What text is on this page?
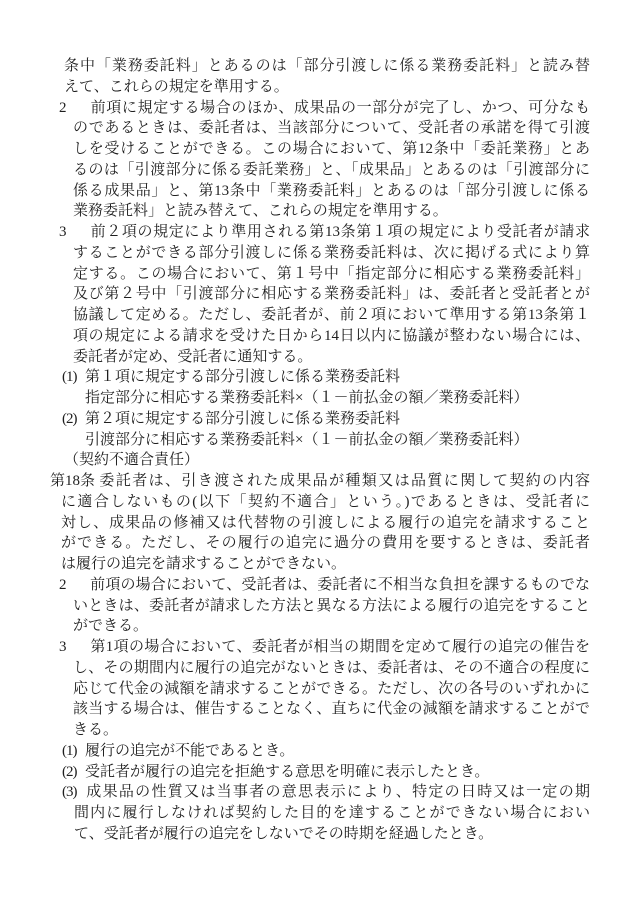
条中「業務委託料」とあるのは「部分引渡しに係る業務委託料」と読み替
えて、これらの規定を準用する。
2 前項に規定する場合のほか、成果品の一部分が完了し、かつ、可分なも
のであるときは、委託者は、当該部分について、受託者の承諾を得て引渡
しを受けることができる。この場合において、第12条中「委託業務」とあ
るのは「引渡部分に係る委託業務」と、「成果品」とあるのは「引渡部分に
係る成果品」と、第13条中「業務委託料」とあるのは「部分引渡しに係る
業務委託料」と読み替えて、これらの規定を準用する。
3 前２項の規定により準用される第13条第１項の規定により受託者が請求
することができる部分引渡しに係る業務委託料は、次に掲げる式により算
定する。この場合において、第１号中「指定部分に相応する業務委託料」
及び第２号中「引渡部分に相応する業務委託料」は、委託者と受託者とが
協議して定める。ただし、委託者が、前２項において準用する第13条第１
項の規定による請求を受けた日から14日以内に協議が整わない場合には、
委託者が定め、受託者に通知する。
(1) 第１項に規定する部分引渡しに係る業務委託料
指定部分に相応する業務委託料×（１－前払金の額／業務委託料）
(2) 第２項に規定する部分引渡しに係る業務委託料
引渡部分に相応する業務委託料×（１－前払金の額／業務委託料）
（契約不適合責任）
第18条 委託者は、引き渡された成果品が種類又は品質に関して契約の内容
に適合しないもの(以下「契約不適合」という。)であるときは、受託者に
対し、成果品の修補又は代替物の引渡しによる履行の追完を請求すること
ができる。ただし、その履行の追完に過分の費用を要するときは、委託者
は履行の追完を請求することができない。
2 前項の場合において、受託者は、委託者に不相当な負担を課するものでな
いときは、委託者が請求した方法と異なる方法による履行の追完をすること
ができる。
3 第1項の場合において、委託者が相当の期間を定めて履行の追完の催告を
し、その期間内に履行の追完がないときは、委託者は、その不適合の程度に
応じて代金の減額を請求することができる。ただし、次の各号のいずれかに
該当する場合は、催告することなく、直ちに代金の減額を請求することがで
きる。
(1) 履行の追完が不能であるとき。
(2) 受託者が履行の追完を拒絶する意思を明確に表示したとき。
(3) 成果品の性質又は当事者の意思表示により、特定の日時又は一定の期
間内に履行しなければ契約した目的を達することができない場合におい
て、受託者が履行の追完をしないでその時期を経過したとき。
